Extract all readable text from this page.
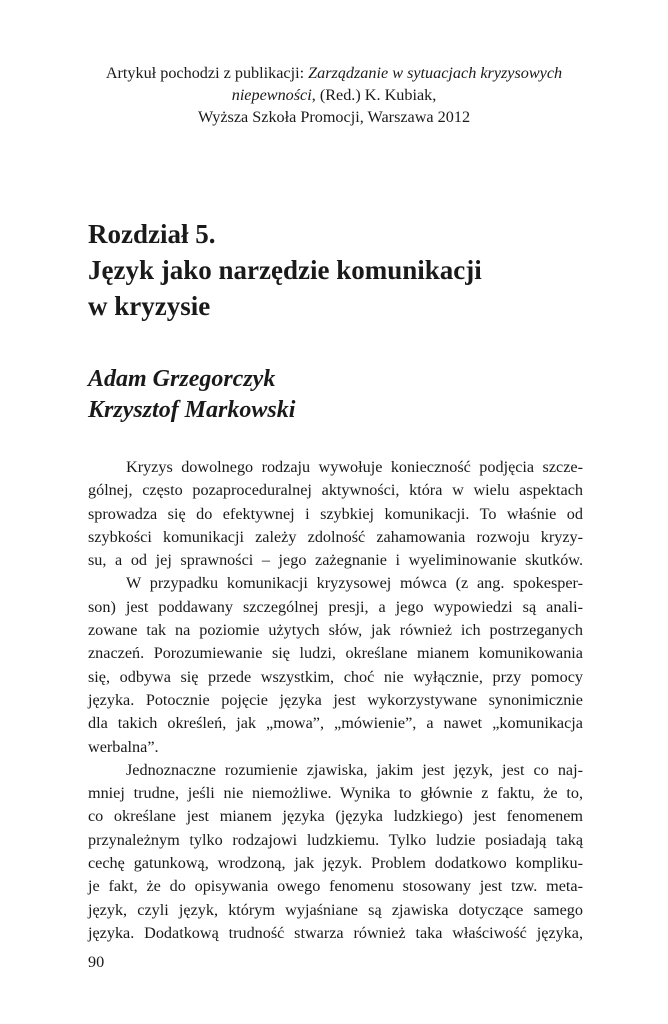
Artykuł pochodzi z publikacji: Zarządzanie w sytuacjach kryzysowych
niepewności, (Red.) K. Kubiak,
Wyższa Szkoła Promocji, Warszawa 2012
Rozdział 5.
Język jako narzędzie komunikacji
w kryzysie
Adam Grzegorczyk
Krzysztof Markowski
Kryzys dowolnego rodzaju wywołuje konieczność podjęcia szcze-
gólnej, często pozaproceduralnej aktywności, która w wielu aspektach
sprowadza się do efektywnej i szybkiej komunikacji. To właśnie od
szybkości komunikacji zależy zdolność zahamowania rozwoju kryzy-
su, a od jej sprawności – jego zażegnanie i wyeliminowanie skutków.
W przypadku komunikacji kryzysowej mówca (z ang. spokesper-
son) jest poddawany szczególnej presji, a jego wypowiedzi są anali-
zowane tak na poziomie użytych słów, jak również ich postrzeganych
znaczeń. Porozumiewanie się ludzi, określane mianem komunikowania
się, odbywa się przede wszystkim, choć nie wyłącznie, przy pomocy
języka. Potocznie pojęcie języka jest wykorzystywane synonimicznie
dla takich określeń, jak „mowa”, „mówienie”, a nawet „komunikacja
werbalna”.
Jednoznaczne rozumienie zjawiska, jakim jest język, jest co naj-
mniej trudne, jeśli nie niemożliwe. Wynika to głównie z faktu, że to,
co określane jest mianem języka (języka ludzkiego) jest fenomenem
przynależnym tylko rodzajowi ludzkiemu. Tylko ludzie posiadają taką
cechę gatunkową, wrodzoną, jak język. Problem dodatkowo kompliku-
je fakt, że do opisywania owego fenomenu stosowany jest tzw. meta-
język, czyli język, którym wyjaśniane są zjawiska dotyczące samego
języka. Dodatkową trudność stwarza również taka właściwość języka,
90
